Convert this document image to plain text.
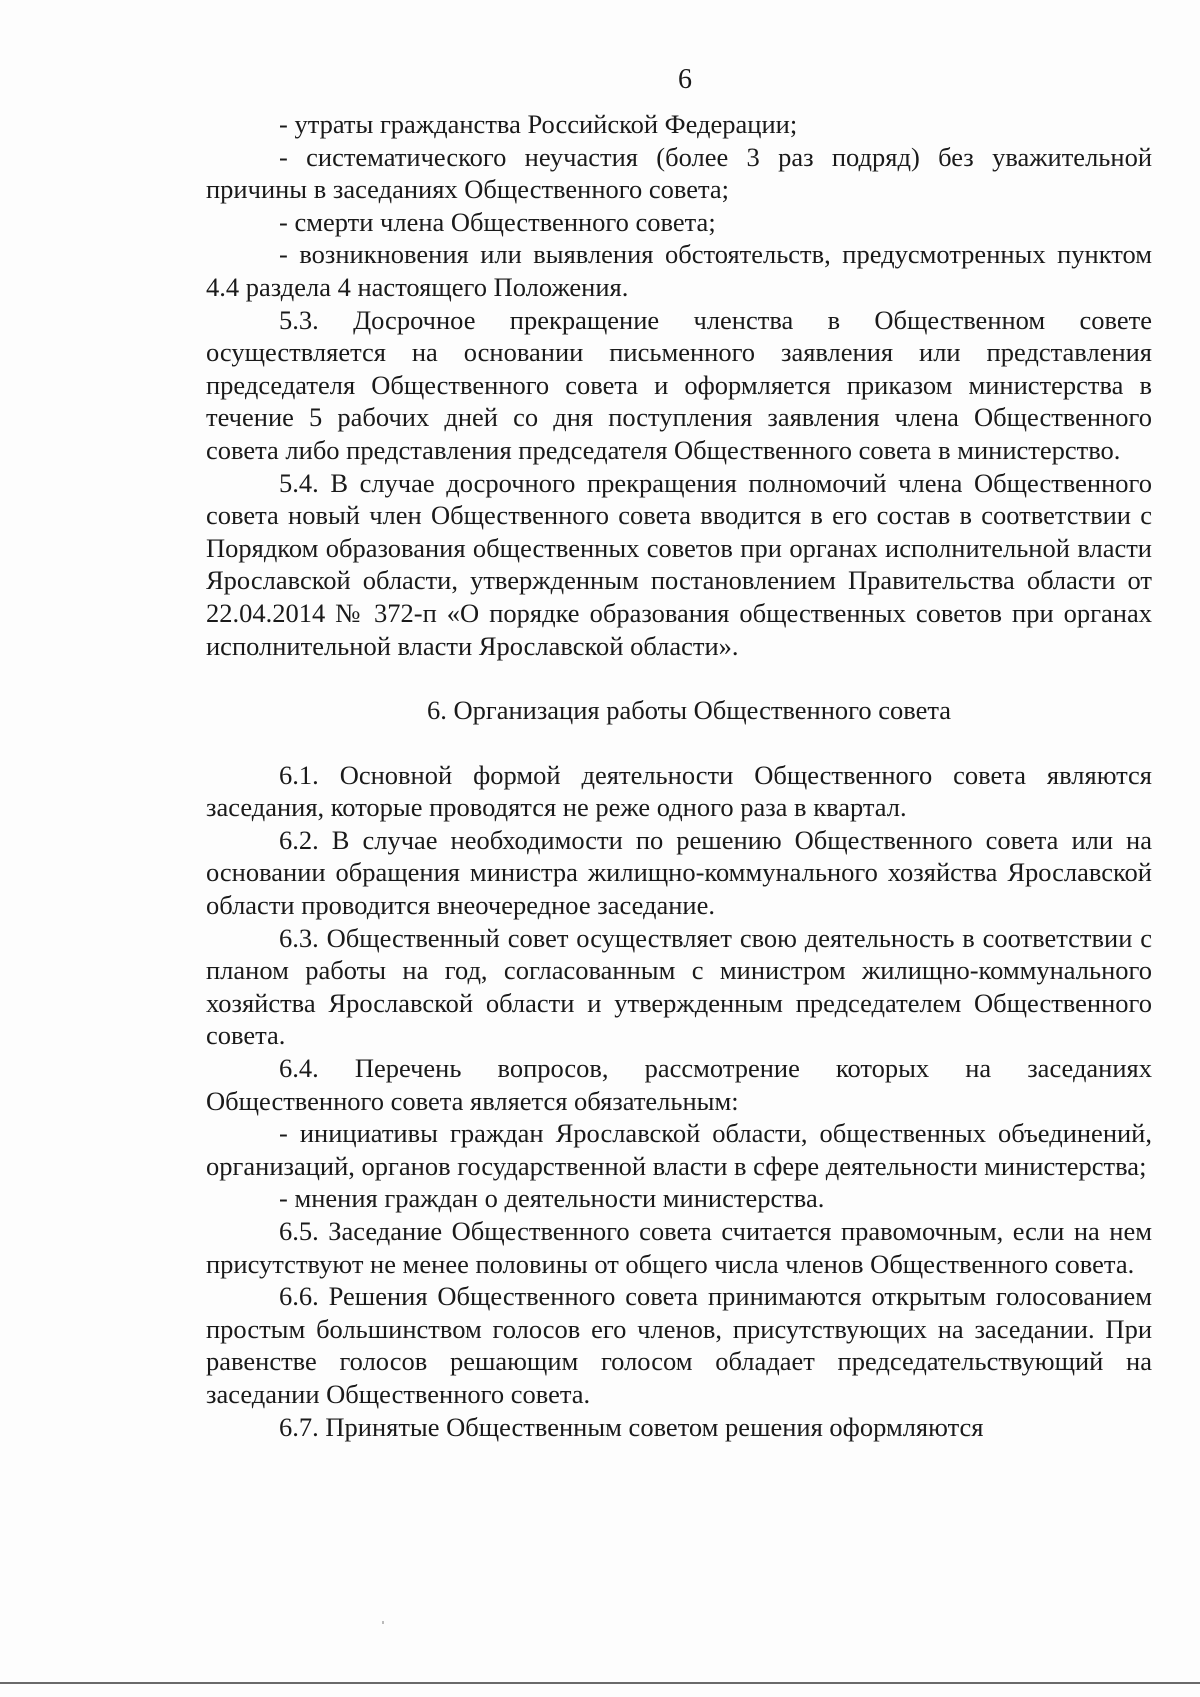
6

- утраты гражданства Российской Федерации;

- систематического неучастия (более 3 раз подряд) без уважительной причины в заседаниях Общественного совета;

- смерти члена Общественного совета;

- возникновения или выявления обстоятельств, предусмотренных пунктом 4.4 раздела 4 настоящего Положения.

5.3. Досрочное прекращение членства в Общественном совете осуществляется на основании письменного заявления или представления председателя Общественного совета и оформляется приказом министерства в течение 5 рабочих дней со дня поступления заявления члена Общественного совета либо представления председателя Общественного совета в министерство.

5.4. В случае досрочного прекращения полномочий члена Общественного совета новый член Общественного совета вводится в его состав в соответствии с Порядком образования общественных советов при органах исполнительной власти Ярославской области, утвержденным постановлением Правительства области от 22.04.2014 № 372-п «О порядке образования общественных советов при органах исполнительной власти Ярославской области».

6. Организация работы Общественного совета

6.1. Основной формой деятельности Общественного совета являются заседания, которые проводятся не реже одного раза в квартал.

6.2. В случае необходимости по решению Общественного совета или на основании обращения министра жилищно-коммунального хозяйства Ярославской области проводится внеочередное заседание.

6.3. Общественный совет осуществляет свою деятельность в соответствии с планом работы на год, согласованным с министром жилищно-коммунального хозяйства Ярославской области и утвержденным председателем Общественного совета.

6.4. Перечень вопросов, рассмотрение которых на заседаниях Общественного совета является обязательным:

- инициативы граждан Ярославской области, общественных объединений, организаций, органов государственной власти в сфере деятельности министерства;

- мнения граждан о деятельности министерства.

6.5. Заседание Общественного совета считается правомочным, если на нем присутствуют не менее половины от общего числа членов Общественного совета.

6.6. Решения Общественного совета принимаются открытым голосованием простым большинством голосов его членов, присутствующих на заседании. При равенстве голосов решающим голосом обладает председательствующий на заседании Общественного совета.

6.7. Принятые Общественным советом решения оформляются
